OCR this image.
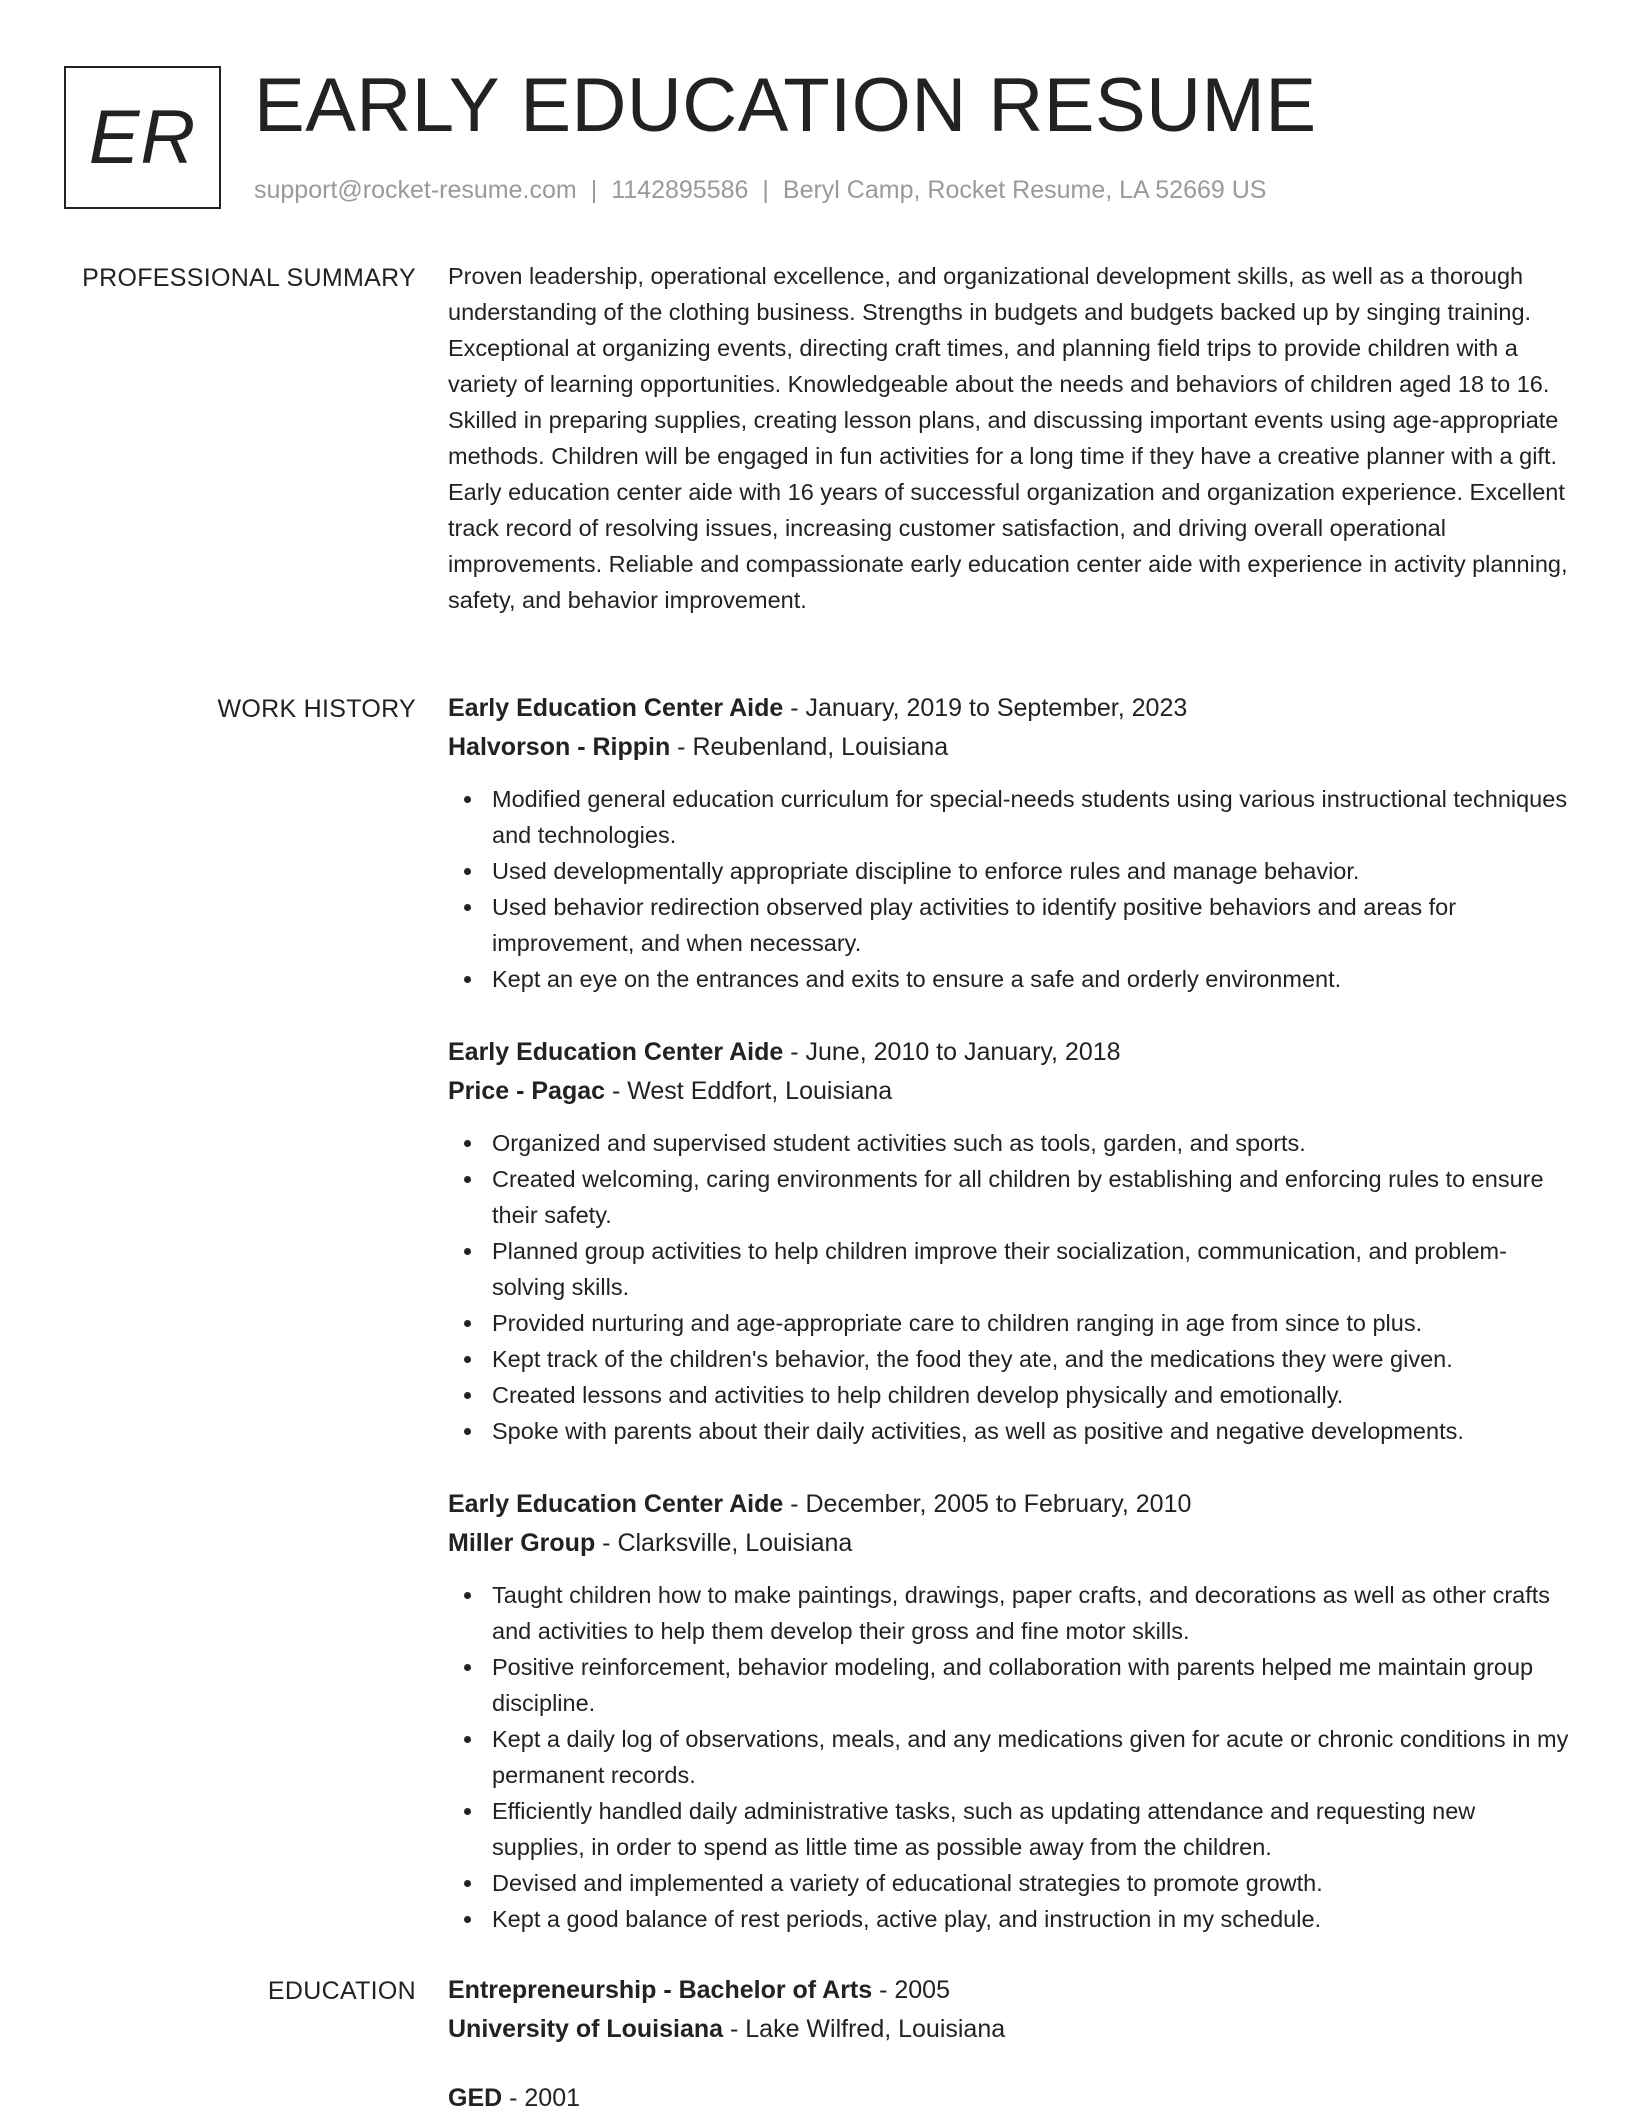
ER EARLY EDUCATION RESUME
support@rocket-resume.com | 1142895586 | Beryl Camp, Rocket Resume, LA 52669 US
PROFESSIONAL SUMMARY Proven leadership, operational excellence, and organizational development skills, as well as a thorough understanding of the clothing business. Strengths in budgets and budgets backed up by singing training. Exceptional at organizing events, directing craft times, and planning field trips to provide children with a variety of learning opportunities. Knowledgeable about the needs and behaviors of children aged 18 to 16. Skilled in preparing supplies, creating lesson plans, and discussing important events using age-appropriate methods. Children will be engaged in fun activities for a long time if they have a creative planner with a gift. Early education center aide with 16 years of successful organization and organization experience. Excellent track record of resolving issues, increasing customer satisfaction, and driving overall operational improvements. Reliable and compassionate early education center aide with experience in activity planning, safety, and behavior improvement.

WORK HISTORY Early Education Center Aide - January, 2019 to September, 2023
Halvorson - Rippin - Reubenland, Louisiana
Modified general education curriculum for special-needs students using various instructional techniques and technologies.
Used developmentally appropriate discipline to enforce rules and manage behavior.
Used behavior redirection observed play activities to identify positive behaviors and areas for improvement, and when necessary.
Kept an eye on the entrances and exits to ensure a safe and orderly environment.
Early Education Center Aide - June, 2010 to January, 2018
Price - Pagac - West Eddfort, Louisiana
Organized and supervised student activities such as tools, garden, and sports.
Created welcoming, caring environments for all children by establishing and enforcing rules to ensure their safety.
Planned group activities to help children improve their socialization, communication, and problem-solving skills.
Provided nurturing and age-appropriate care to children ranging in age from since to plus.
Kept track of the children's behavior, the food they ate, and the medications they were given.
Created lessons and activities to help children develop physically and emotionally.
Spoke with parents about their daily activities, as well as positive and negative developments.
Early Education Center Aide - December, 2005 to February, 2010
Miller Group - Clarksville, Louisiana
Taught children how to make paintings, drawings, paper crafts, and decorations as well as other crafts and activities to help them develop their gross and fine motor skills.
Positive reinforcement, behavior modeling, and collaboration with parents helped me maintain group discipline.
Kept a daily log of observations, meals, and any medications given for acute or chronic conditions in my permanent records.
Efficiently handled daily administrative tasks, such as updating attendance and requesting new supplies, in order to spend as little time as possible away from the children.
Devised and implemented a variety of educational strategies to promote growth.
Kept a good balance of rest periods, active play, and instruction in my schedule.
EDUCATION Entrepreneurship - Bachelor of Arts - 2005
University of Louisiana - Lake Wilfred, Louisiana
GED - 2001
